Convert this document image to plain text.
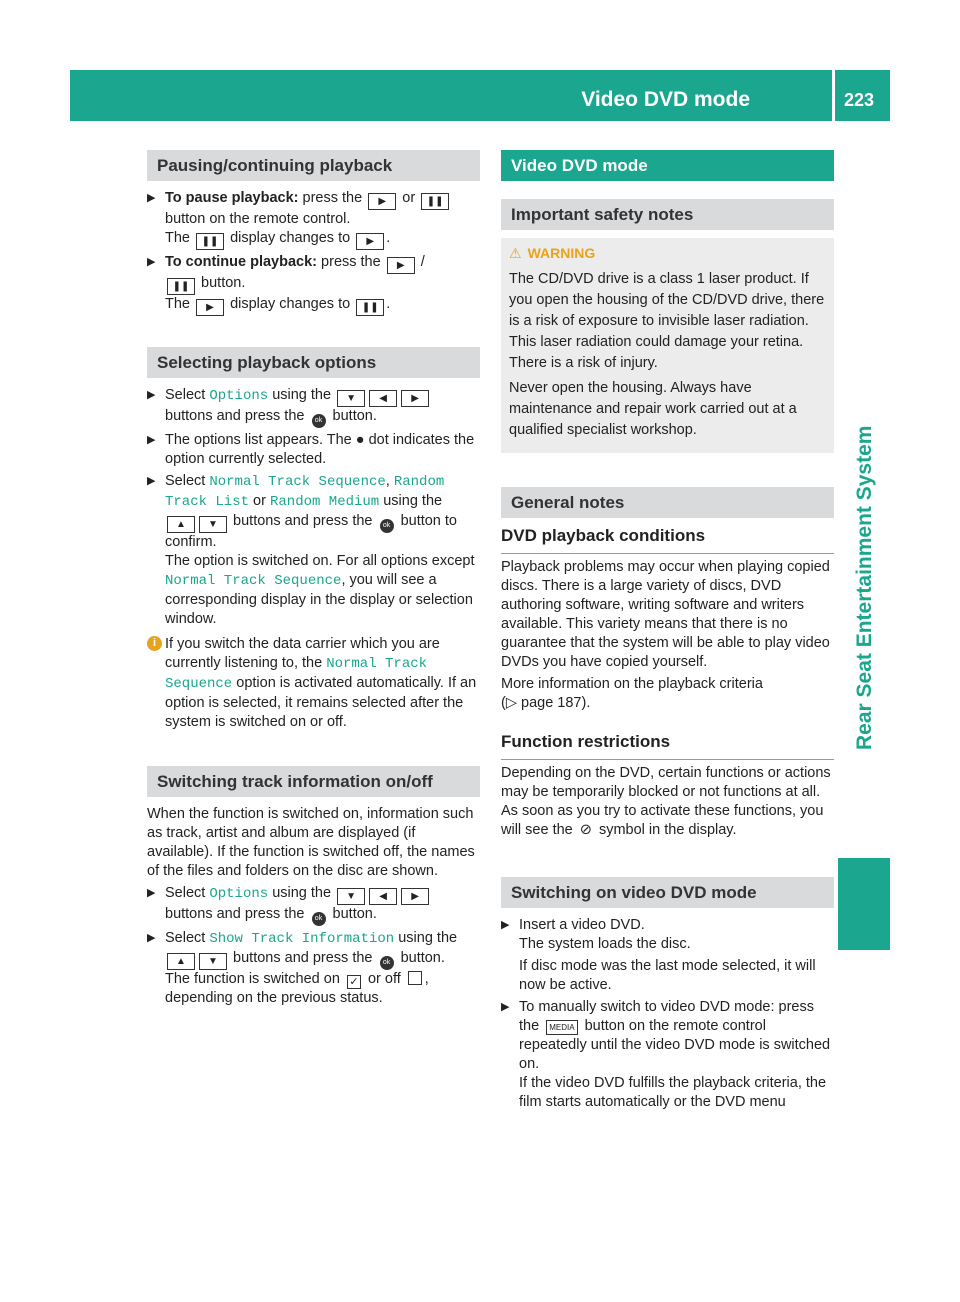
Video DVD mode	223
Rear Seat Entertainment System
Pausing/continuing playback
▶ To pause playback: press the ▶ or ❚❚
button on the remote control.
The ❚❚ display changes to ▶ .
▶ To continue playback: press the ▶ /
❚❚ button.
The ▶ display changes to ❚❚ .
Selecting playback options
▶ Select Options using the ▼ ◀ ▶
buttons and press the ok button.
▶ The options list appears. The ● dot indicates the option currently selected.
▶ Select Normal Track Sequence, Random
Track List or Random Medium using the
▲ ▼ buttons and press the ok button to confirm.
The option is switched on. For all options except Normal Track Sequence, you will see a corresponding display in the display or selection window.
i If you switch the data carrier which you are currently listening to, the Normal Track
Sequence option is activated automatically. If an option is selected, it remains selected after the system is switched on or off.
Switching track information on/off

When the function is switched on, information such as track, artist and album are displayed (if available). If the function is switched off, the names of the files and folders on the disc are shown.

▶ Select Options using the ▼ ◀ ▶
buttons and press the ok button.
▶ Select Show Track Information using the
▲ ▼ buttons and press the ok button.
The function is switched on ✓ or off ,
depending on the previous status.
Video DVD mode
Important safety notes
⚠ WARNING

The CD/DVD drive is a class 1 laser product. If you open the housing of the CD/DVD drive, there is a risk of exposure to invisible laser radiation. This laser radiation could damage your retina. There is a risk of injury.

Never open the housing. Always have maintenance and repair work carried out at a qualified specialist workshop.

General notes
DVD playback conditions

Playback problems may occur when playing copied discs. There is a large variety of discs, DVD authoring software, writing software and writers available. This variety means that there is no guarantee that the system will be able to play video DVDs you have copied yourself.

More information on the playback criteria
(▷ page 187).

Function restrictions

Depending on the DVD, certain functions or actions may be temporarily blocked or not functions at all. As soon as you try to activate these functions, you will see the ⊘ symbol in the display.

Switching on video DVD mode
▶ Insert a video DVD.
The system loads the disc.

If disc mode was the last mode selected, it will now be active.

▶ To manually switch to video DVD mode: press the MEDIA button on the remote control repeatedly until the video DVD mode is switched on.
If the video DVD fulfills the playback criteria, the film starts automatically or the DVD menu
